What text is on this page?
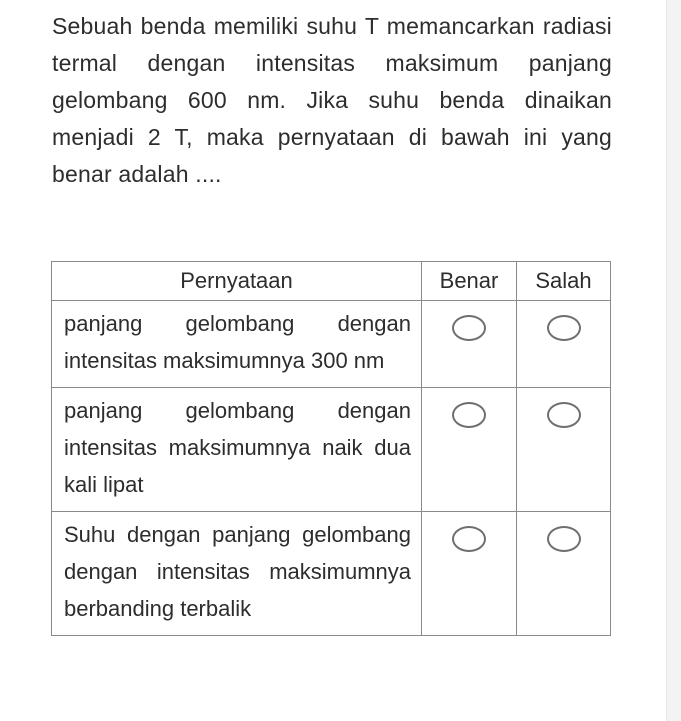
Sebuah benda memiliki suhu T memancarkan radiasi termal dengan intensitas maksimum panjang gelombang 600 nm. Jika suhu benda dinaikan menjadi 2 T, maka pernyataan di bawah ini yang benar adalah ....
Pernyataan	Benar	Salah
panjang gelombang dengan intensitas maksimumnya 300 nm		
panjang gelombang dengan intensitas maksimumnya naik dua kali lipat		
Suhu dengan panjang gelombang dengan intensitas maksimumnya berbanding terbalik		
